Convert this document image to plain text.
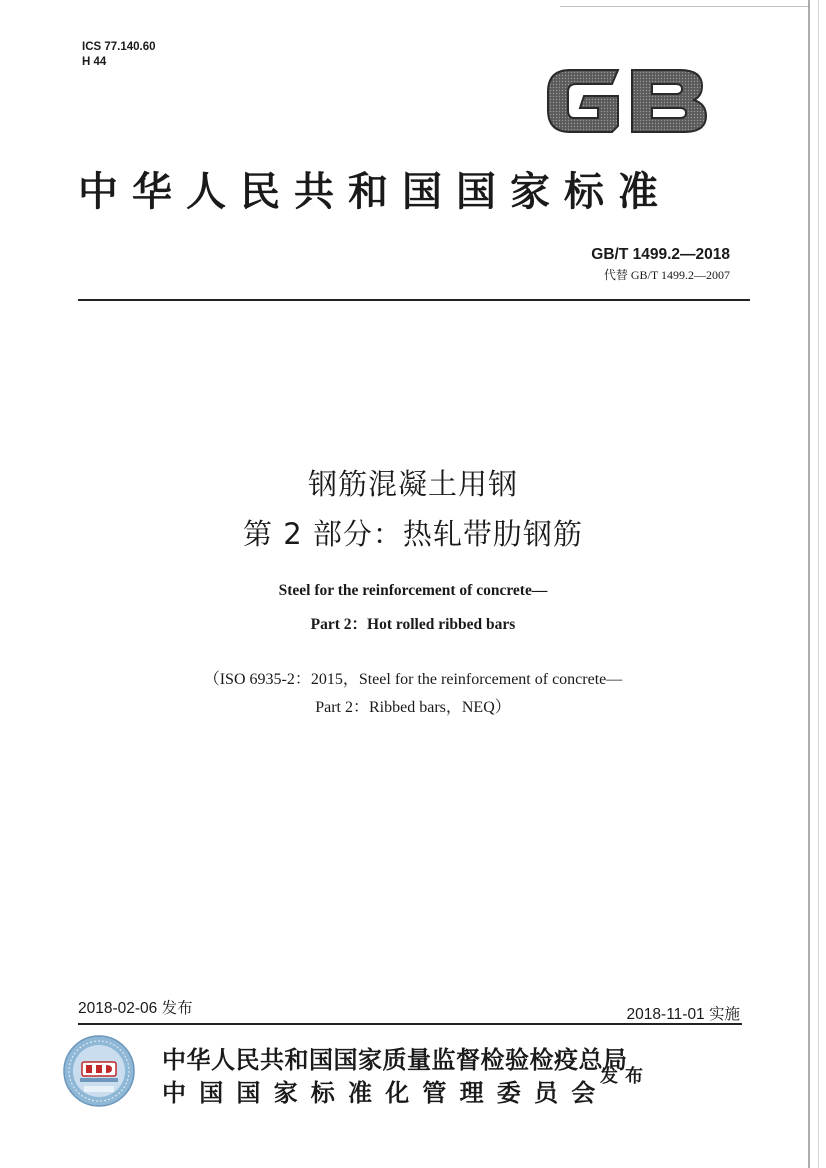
ICS 77.140.60
H 44
中华人民共和国国家标准
GB/T 1499.2—2018
代替 GB/T 1499.2—2007
钢筋混凝土用钢
第 2 部分：热轧带肋钢筋
Steel for the reinforcement of concrete—
Part 2：Hot rolled ribbed bars
（ISO 6935-2：2015，Steel for the reinforcement of concrete—
Part 2：Ribbed bars，NEQ）
2018-02-06 发布	2018-11-01 实施
中华人民共和国国家质量监督检验检疫总局
中国国家标准化管理委员会
发布
